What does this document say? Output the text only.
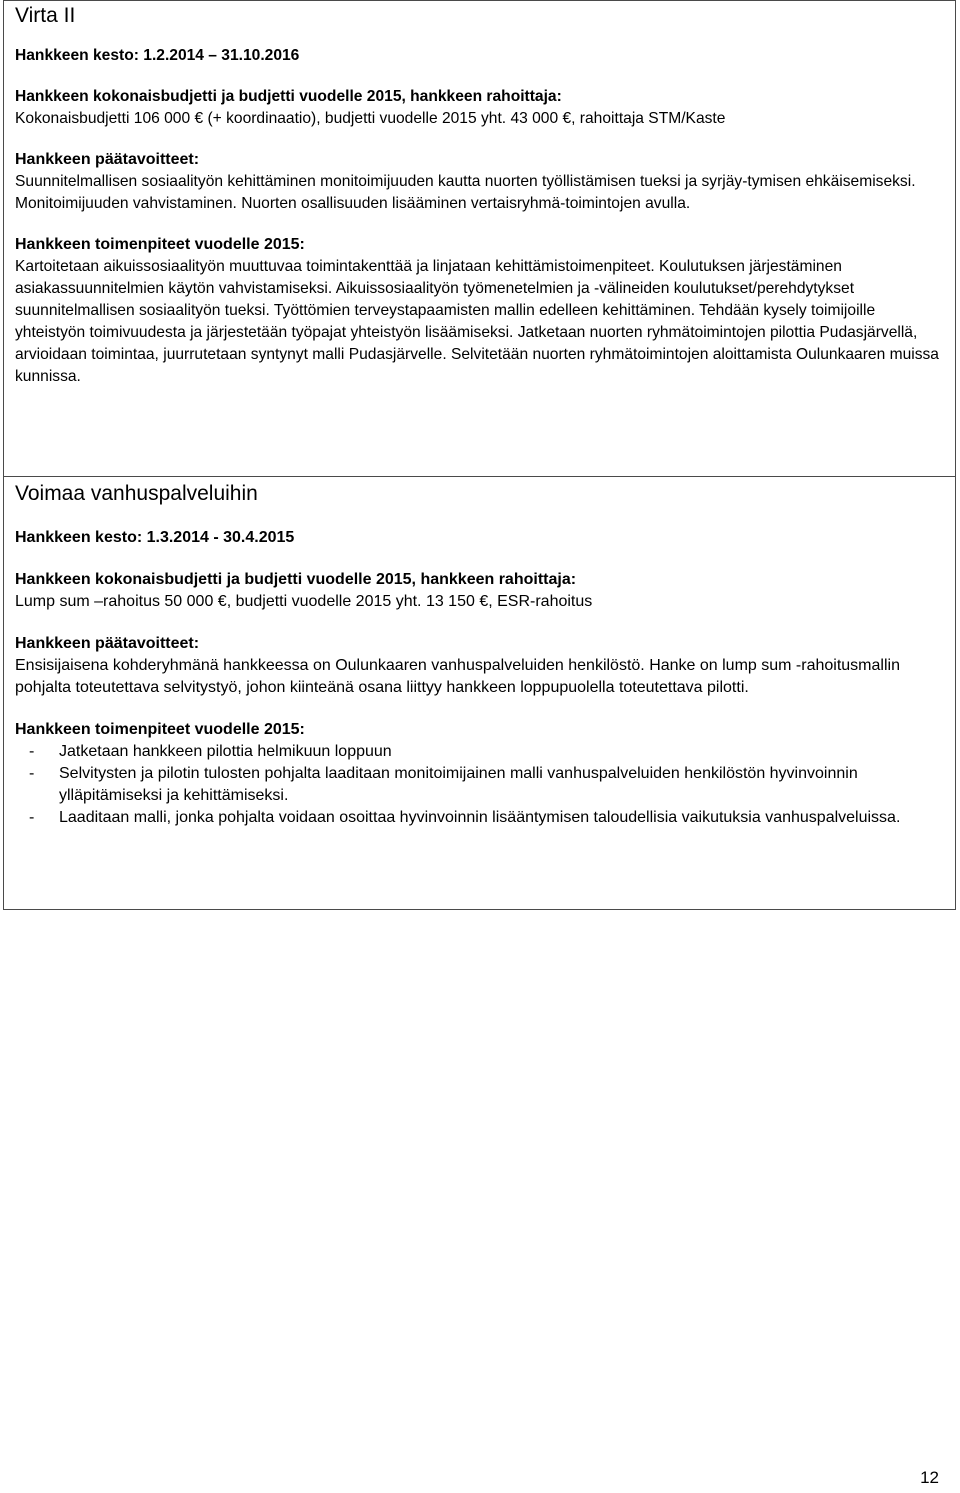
Virta II

Hankkeen kesto: 1.2.2014 – 31.10.2016

Hankkeen kokonaisbudjetti ja budjetti vuodelle 2015, hankkeen rahoittaja:

Kokonaisbudjetti 106 000 € (+ koordinaatio), budjetti vuodelle 2015 yht. 43 000 €, rahoittaja STM/Kaste

Hankkeen päätavoitteet:

Suunnitelmallisen sosiaalityön kehittäminen monitoimijuuden kautta nuorten työllistämisen tueksi ja syrjäy-tymisen ehkäisemiseksi. Monitoimijuuden vahvistaminen. Nuorten osallisuuden lisääminen vertaisryhmä-toimintojen avulla.

Hankkeen toimenpiteet vuodelle 2015:

Kartoitetaan aikuissosiaalityön muuttuvaa toimintakenttää ja linjataan kehittämistoimenpiteet. Koulutuksen järjestäminen asiakassuunnitelmien käytön vahvistamiseksi. Aikuissosiaalityön työmenetelmien ja -välineiden koulutukset/perehdytykset suunnitelmallisen sosiaalityön tueksi. Työttömien terveystapaamisten mallin edelleen kehittäminen. Tehdään kysely toimijoille yhteistyön toimivuudesta ja järjestetään työpajat yhteistyön lisäämiseksi. Jatketaan nuorten ryhmätoimintojen pilottia Pudasjärvellä, arvioidaan toimintaa, juurrutetaan syntynyt malli Pudasjärvelle. Selvitetään nuorten ryhmätoimintojen aloittamista Oulunkaaren muissa kunnissa.

Voimaa vanhuspalveluihin

Hankkeen kesto: 1.3.2014 - 30.4.2015

Hankkeen kokonaisbudjetti ja budjetti vuodelle 2015, hankkeen rahoittaja:

Lump sum –rahoitus 50 000 €, budjetti vuodelle 2015 yht. 13 150 €, ESR-rahoitus

Hankkeen päätavoitteet:

Ensisijaisena kohderyhmänä hankkeessa on Oulunkaaren vanhuspalveluiden henkilöstö. Hanke on lump sum -rahoitusmallin pohjalta toteutettava selvitystyö, johon kiinteänä osana liittyy hankkeen loppupuolella toteutettava pilotti.

Hankkeen toimenpiteet vuodelle 2015:

- Jatketaan hankkeen pilottia helmikuun loppuun
- Selvitysten ja pilotin tulosten pohjalta laaditaan monitoimijainen malli vanhuspalveluiden henkilöstön hyvinvoinnin ylläpitämiseksi ja kehittämiseksi.
- Laaditaan malli, jonka pohjalta voidaan osoittaa hyvinvoinnin lisääntymisen taloudellisia vaikutuksia vanhuspalveluissa.
12
